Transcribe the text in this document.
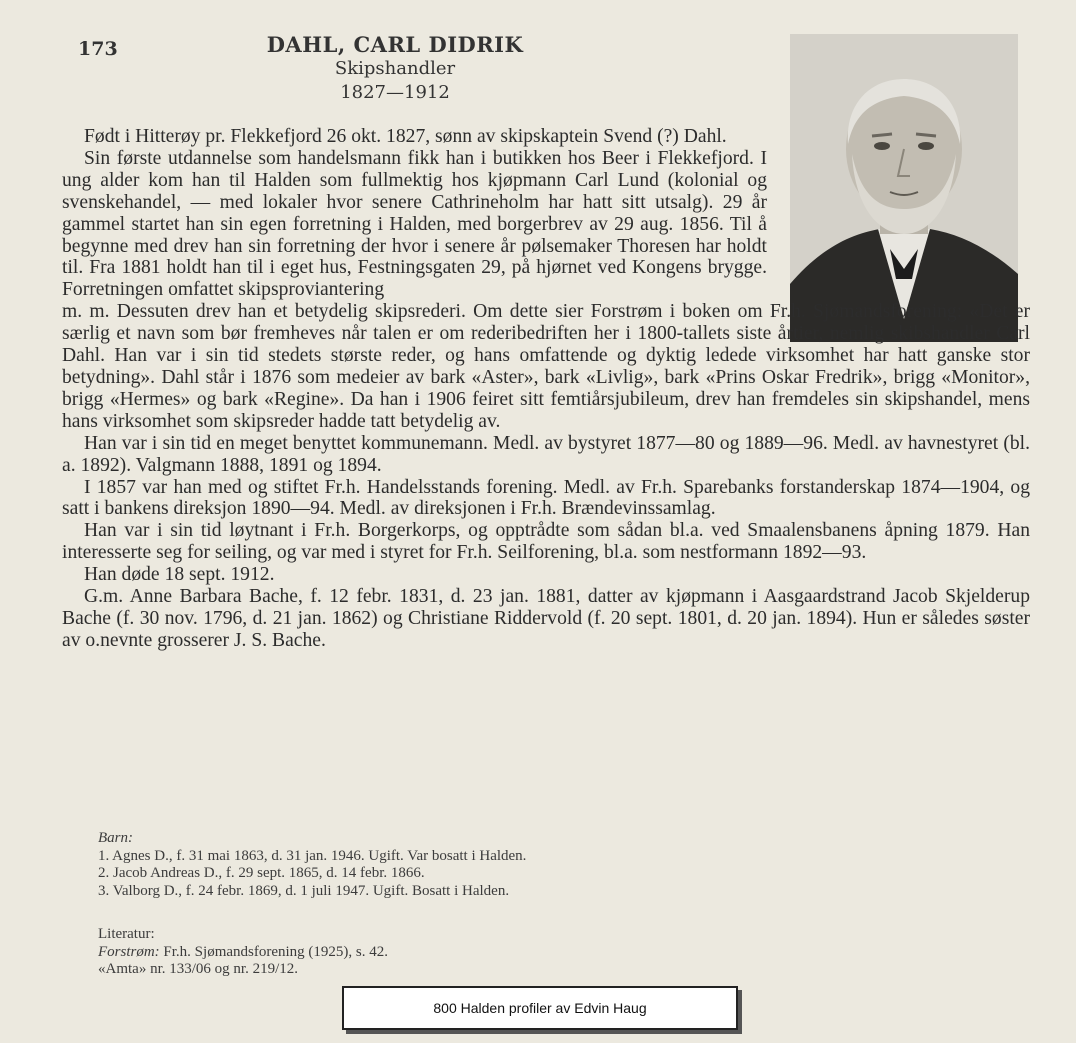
173	DAHL, CARL DIDRIK
Skipshandler
1827—1912

Født i Hitterøy pr. Flekkefjord 26 okt. 1827, sønn av skipskaptein Svend (?) Dahl.

Sin første utdannelse som handelsmann fikk han i butikken hos Beer i Flekkefjord. I ung alder kom han til Halden som fullmektig hos kjøpmann Carl Lund (kolonial og svenskehandel, — med lokaler hvor senere Cathrineholm har hatt sitt utsalg). 29 år gammel startet han sin egen forretning i Halden, med borgerbrev av 29 aug. 1856. Til å begynne med drev han sin forretning der hvor i senere år pølsemaker Thoresen har holdt til. Fra 1881 holdt han til i eget hus, Festningsgaten 29, på hjørnet ved Kongens brygge. Forretningen omfattet skipsproviantering

m. m. Dessuten drev han et betydelig skipsrederi. Om dette sier Forstrøm i boken om Fr.h. Sjømandsforening: «Det er særlig et navn som bør fremheves når talen er om rederibedriften her i 1800-tallets siste årtier, nemlig skibshandler Carl Dahl. Han var i sin tid stedets største reder, og hans omfattende og dyktig ledede virksomhet har hatt ganske stor betydning». Dahl står i 1876 som medeier av bark «Aster», bark «Livlig», bark «Prins Oskar Fredrik», brigg «Monitor», brigg «Hermes» og bark «Regine». Da han i 1906 feiret sitt femtiårsjubileum, drev han fremdeles sin skipshandel, mens hans virksomhet som skipsreder hadde tatt betydelig av.

Han var i sin tid en meget benyttet kommunemann. Medl. av bystyret 1877—80 og 1889—96. Medl. av havnestyret (bl. a. 1892). Valgmann 1888, 1891 og 1894.

I 1857 var han med og stiftet Fr.h. Handelsstands forening. Medl. av Fr.h. Sparebanks forstanderskap 1874—1904, og satt i bankens direksjon 1890—94. Medl. av direksjonen i Fr.h. Brændevinssamlag.

Han var i sin tid løytnant i Fr.h. Borgerkorps, og opptrådte som sådan bl.a. ved Smaalensbanens åpning 1879. Han interesserte seg for seiling, og var med i styret for Fr.h. Seilforening, bl.a. som nestformann 1892—93.

Han døde 18 sept. 1912.

G.m. Anne Barbara Bache, f. 12 febr. 1831, d. 23 jan. 1881, datter av kjøpmann i Aasgaardstrand Jacob Skjelderup Bache (f. 30 nov. 1796, d. 21 jan. 1862) og Christiane Riddervold (f. 20 sept. 1801, d. 20 jan. 1894). Hun er således søster av o.nevnte grosserer J. S. Bache.

Barn:
1. Agnes D., f. 31 mai 1863, d. 31 jan. 1946. Ugift. Var bosatt i Halden.
2. Jacob Andreas D., f. 29 sept. 1865, d. 14 febr. 1866.
3. Valborg D., f. 24 febr. 1869, d. 1 juli 1947. Ugift. Bosatt i Halden.
Literatur:
Forstrøm: Fr.h. Sjømandsforening (1925), s. 42.
«Amta» nr. 133/06 og nr. 219/12.
800 Halden profiler av Edvin Haug
